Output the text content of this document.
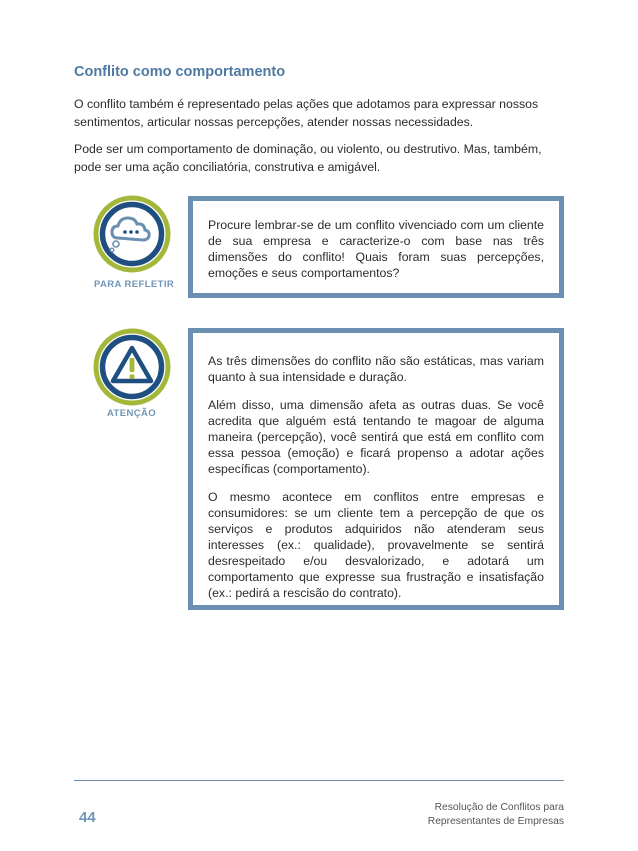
Conflito como comportamento
O conflito também é representado pelas ações que adotamos para expressar nossos sentimentos, articular nossas percepções, atender nossas necessidades.
Pode ser um comportamento de dominação, ou violento, ou destrutivo. Mas, também, pode ser uma ação conciliatória, construtiva e amigável.
PARA REFLETIR

Procure lembrar-se de um conflito vivenciado com um cliente de sua empresa e caracterize-o com base nas três dimensões do conflito! Quais foram suas percepções, emoções e seus comportamentos?

ATENÇÃO

As três dimensões do conflito não são estáticas, mas variam quanto à sua intensidade e duração.

Além disso, uma dimensão afeta as outras duas. Se você acredita que alguém está tentando te magoar de alguma maneira (percepção), você sentirá que está em conflito com essa pessoa (emoção) e ficará propenso a adotar ações específicas (comportamento).

O mesmo acontece em conflitos entre empresas e consumidores: se um cliente tem a percepção de que os serviços e produtos adquiridos não atenderam seus interesses (ex.: qualidade), provavelmente se sentirá desrespeitado e/ou desvalorizado, e adotará um comportamento que expresse sua frustração e insatisfação (ex.: pedirá a rescisão do contrato).

44
Resolução de Conflitos para
Representantes de Empresas
